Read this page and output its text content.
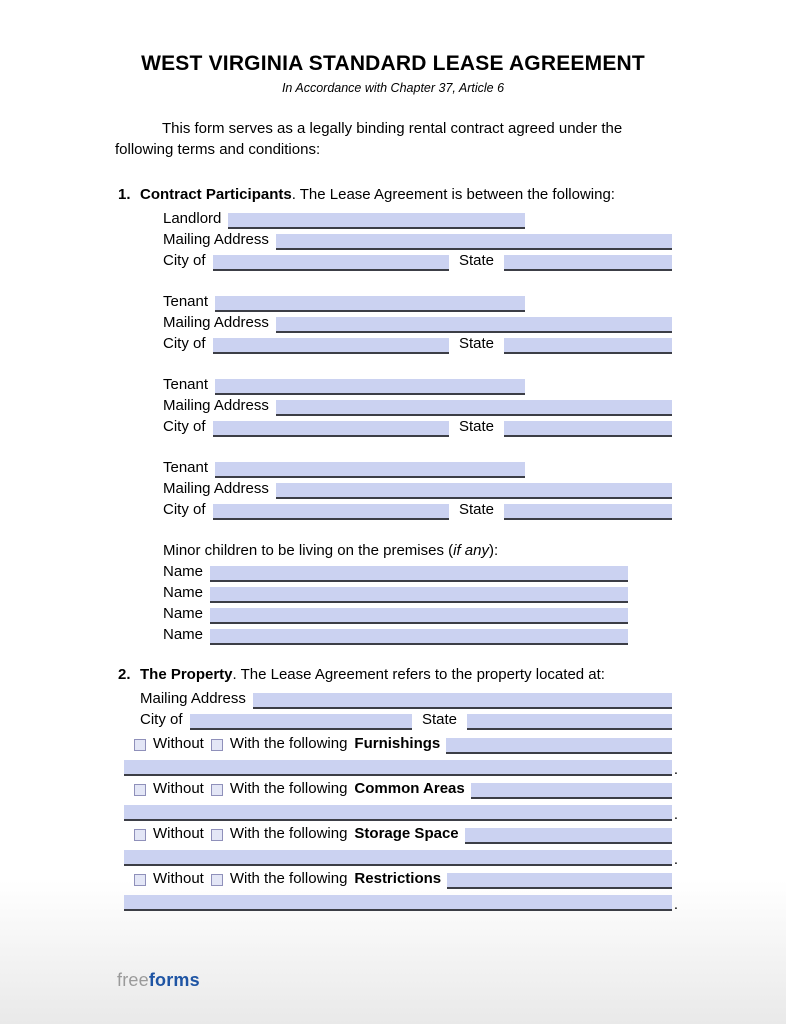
WEST VIRGINIA STANDARD LEASE AGREEMENT
In Accordance with Chapter 37, Article 6

This form serves as a legally binding rental contract agreed under the following terms and conditions:

1. Contract Participants. The Lease Agreement is between the following:
Landlord
Mailing Address
City of	State
Tenant
Mailing Address
City of	State
Tenant
Mailing Address
City of	State
Tenant
Mailing Address
City of	State
Minor children to be living on the premises (if any):
Name
Name
Name
Name
2. The Property. The Lease Agreement refers to the property located at:
Mailing Address
City of	State
Without	With the following Furnishings
.
Without	With the following Common Areas
.
Without	With the following Storage Space
.
Without	With the following Restrictions
.
freeforms
